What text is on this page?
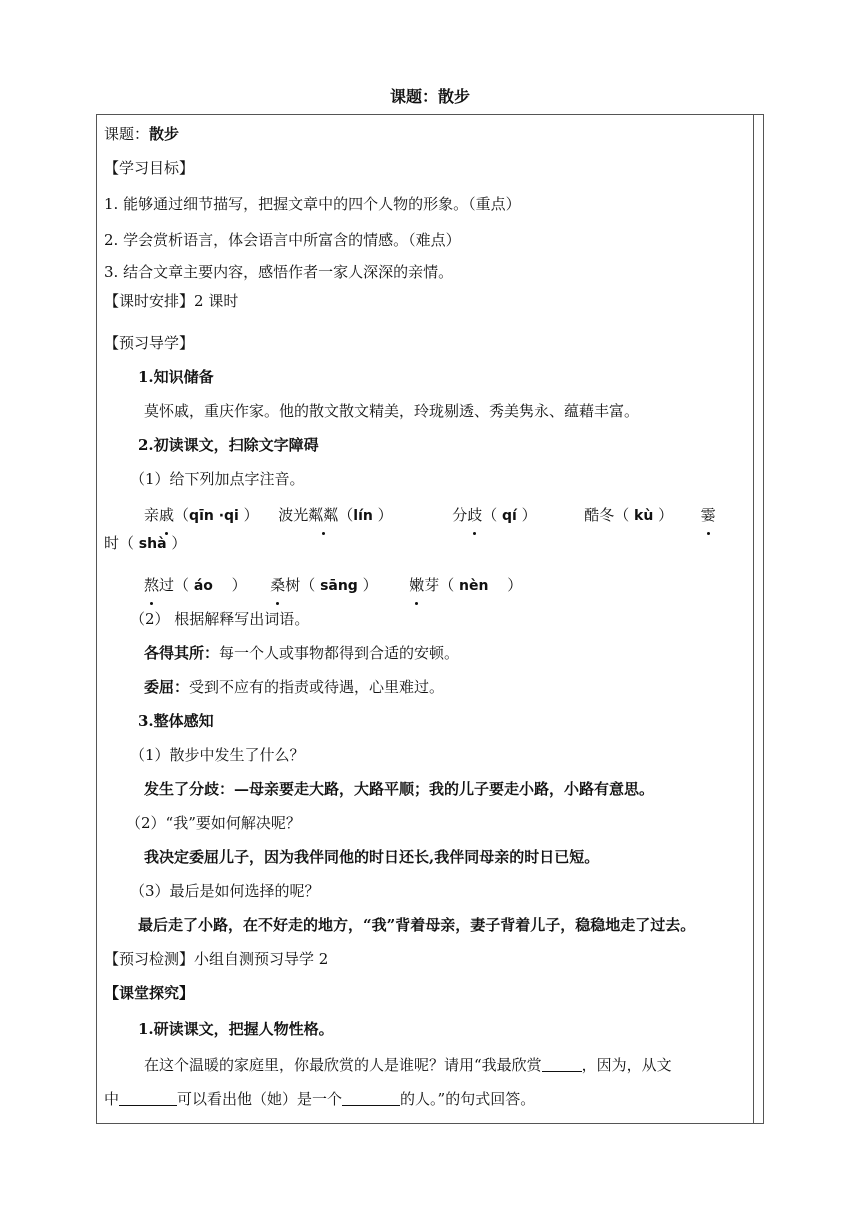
课题：散步
课题：散步
【学习目标】
1. 能够通过细节描写，把握文章中的四个人物的形象。（重点）
2. 学会赏析语言，体会语言中所富含的情感。（难点）
3. 结合文章主要内容，感悟作者一家人深深的亲情。
【课时安排】2 课时
【预习导学】
1.知识储备
莫怀戚，重庆作家。他的散文散文精美，玲珑剔透、秀美隽永、蕴藉丰富。
2.初读课文，扫除文字障碍
（1）给下列加点字注音。
亲戚（qīn ·qi ） 波光粼粼（lín ）	分歧（ qí ）	酷冬（ kù ） 霎
时（ shà ）
熬过（ áo ） 桑树（ sāng ） 嫩芽（ nèn ）
（2） 根据解释写出词语。
各得其所：每一个人或事物都得到合适的安顿。
委屈：受到不应有的指责或待遇，心里难过。
3.整体感知
（1）散步中发生了什么？
发生了分歧：—母亲要走大路，大路平顺；我的儿子要走小路，小路有意思。
（2）“我”要如何解决呢？
我决定委屈儿子，因为我伴同他的时日还长,我伴同母亲的时日已短。
（3）最后是如何选择的呢？
最后走了小路，在不好走的地方，“我”背着母亲，妻子背着儿子，稳稳地走了过去。
【预习检测】小组自测预习导学 2
【课堂探究】
1.研读课文，把握人物性格。
在这个温暖的家庭里，你最欣赏的人是谁呢？请用“我最欣赏	，因为，从文
中	可以看出他（她）是一个	的人。”的句式回答。
